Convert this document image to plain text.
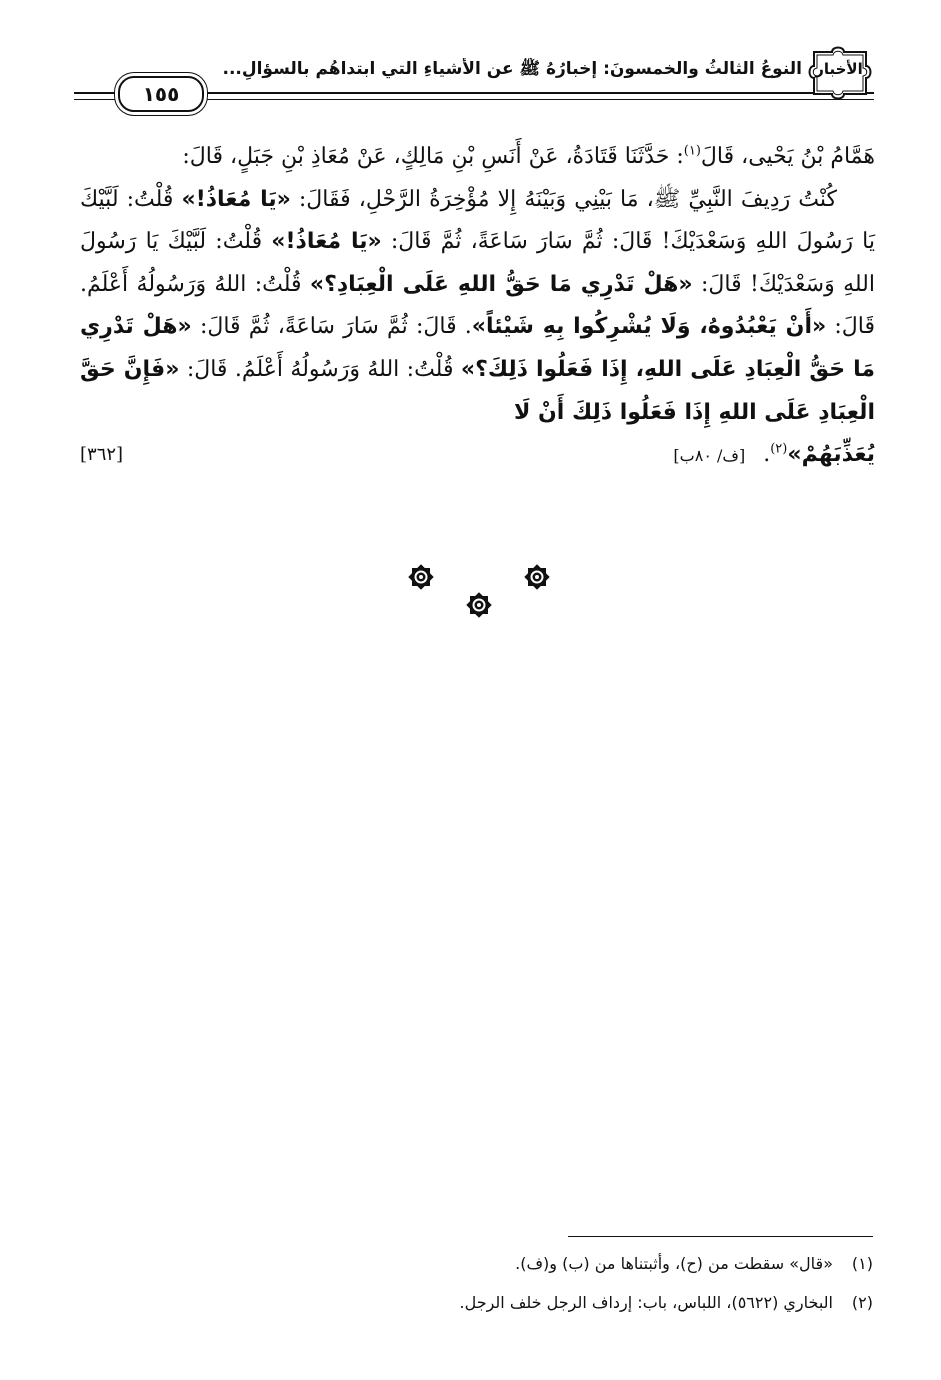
١٥٥
النوعُ الثالثُ والخمسونَ: إخبارُهُ ﷺ عن الأشياءِ التي ابتداهُم بالسؤالِ... الأخبار

هَمَّامُ بْنُ يَحْيى، قَالَ$^{(١)}$: حَدَّثَنَا قَتَادَةُ، عَنْ أَنَسِ بْنِ مَالِكٍ، عَنْ مُعَاذِ بْنِ جَبَلٍ، قَالَ:

كُنْتُ رَدِيفَ النَّبِيِّ ﷺ، مَا بَيْنِي وَبَيْنَهُ إِلا مُؤْخِرَةُ الرَّحْلِ، فَقَالَ: «يَا مُعَاذُ!» قُلْتُ: لَبَّيْكَ يَا رَسُولَ اللهِ وَسَعْدَيْكَ! قَالَ: ثُمَّ سَارَ سَاعَةً، ثُمَّ قَالَ: «يَا مُعَاذُ!» قُلْتُ: لَبَّيْكَ يَا رَسُولَ اللهِ وَسَعْدَيْكَ! قَالَ: «هَلْ تَدْرِي مَا حَقُّ اللهِ عَلَى الْعِبَادِ؟» قُلْتُ: اللهُ وَرَسُولُهُ أَعْلَمُ. قَالَ: «أَنْ يَعْبُدُوهُ، وَلَا يُشْرِكُوا بِهِ شَيْئاً». قَالَ: ثُمَّ سَارَ سَاعَةً، ثُمَّ قَالَ: «هَلْ تَدْرِي مَا حَقُّ الْعِبَادِ عَلَى اللهِ، إِذَا فَعَلُوا ذَلِكَ؟» قُلْتُ: اللهُ وَرَسُولُهُ أَعْلَمُ. قَالَ: «فَإِنَّ حَقَّ الْعِبَادِ عَلَى اللهِ إِذَا فَعَلُوا ذَلِكَ أَنْ لَا

يُعَذِّبَهُمْ»$^{(٢)}$.[ف/ ٨٠ب]
[٣٦٢]
(١)«قال» سقطت من (ح)، وأثبتناها من (ب) و(ف).
(٢)البخاري (٥٦٢٢)، اللباس، باب: إرداف الرجل خلف الرجل.
